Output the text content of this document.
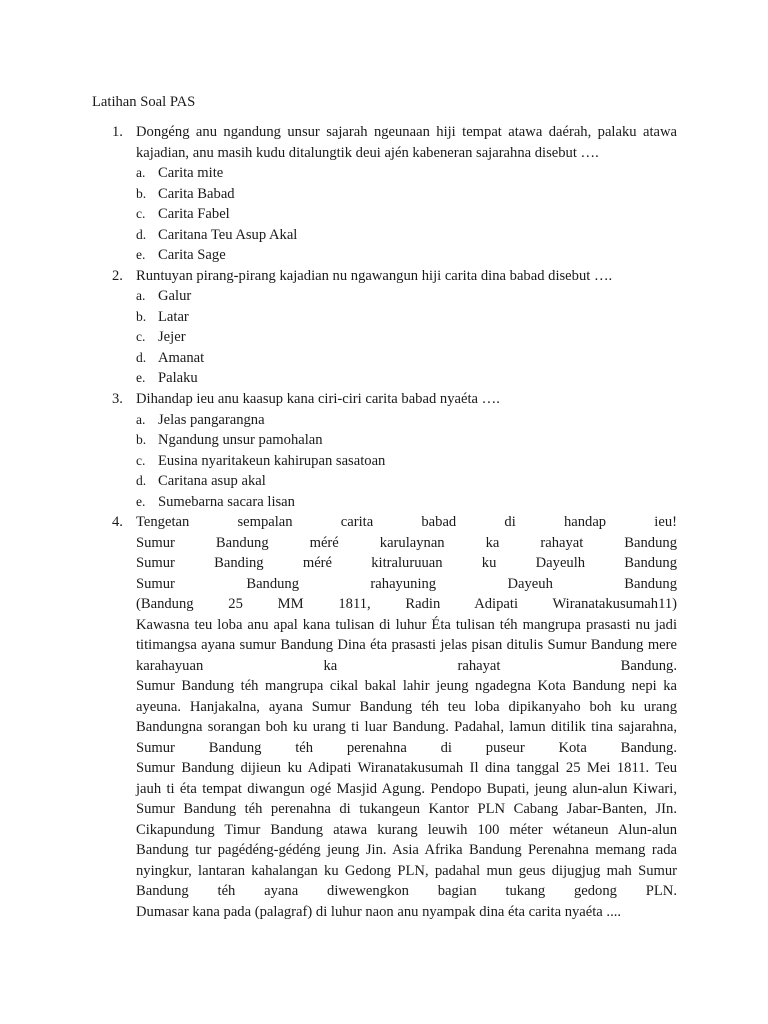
Latihan Soal PAS
1. Dongéng anu ngandung unsur sajarah ngeunaan hiji tempat atawa daérah, palaku atawa
kajadian, anu masih kudu ditalungtik deui ajén kabeneran sajarahna disebut ….
a. Carita mite
b. Carita Babad
c. Carita Fabel
d. Caritana Teu Asup Akal
e. Carita Sage
2. Runtuyan pirang-pirang kajadian nu ngawangun hiji carita dina babad disebut ….
a. Galur
b. Latar
c. Jejer
d. Amanat
e. Palaku
3. Dihandap ieu anu kaasup kana ciri-ciri carita babad nyaéta ….
a. Jelas pangarangna
b. Ngandung unsur pamohalan
c. Eusina nyaritakeun kahirupan sasatoan
d. Caritana asup akal
e. Sumebarna sacara lisan
4. Tengetan sempalan carita babad di handap ieu!
Sumur Bandung méré karulaynan ka rahayat Bandung
Sumur Banding méré kitraluruuan ku Dayeulh Bandung
Sumur Bandung rahayuning Dayeuh Bandung
(Bandung 25 MM 1811, Radin Adipati Wiranatakusumah11)
Kawasna teu loba anu apal kana tulisan di luhur Éta tulisan téh mangrupa prasasti nu jadi
titimangsa ayana sumur Bandung Dina éta prasasti jelas pisan ditulis Sumur Bandung mere
karahayuan ka rahayat Bandung.
Sumur Bandung téh mangrupa cikal bakal lahir jeung ngadegna Kota Bandung nepi ka
ayeuna. Hanjakalna, ayana Sumur Bandung téh teu loba dipikanyaho boh ku urang
Bandungna sorangan boh ku urang ti luar Bandung. Padahal, lamun ditilik tina sajarahna,
Sumur Bandung téh perenahna di puseur Kota Bandung.
Sumur Bandung dijieun ku Adipati Wiranatakusumah Il dina tanggal 25 Mei 1811. Teu
jauh ti éta tempat diwangun ogé Masjid Agung. Pendopo Bupati, jeung alun-alun Kiwari,
Sumur Bandung téh perenahna di tukangeun Kantor PLN Cabang Jabar-Banten, JIn.
Cikapundung Timur Bandung atawa kurang leuwih 100 méter wétaneun Alun-alun
Bandung tur pagédéng-gédéng jeung Jin. Asia Afrika Bandung Perenahna memang rada
nyingkur, lantaran kahalangan ku Gedong PLN, padahal mun geus dijugjug mah Sumur
Bandung téh ayana diwewengkon bagian tukang gedong PLN.
Dumasar kana pada (palagraf) di luhur naon anu nyampak dina éta carita nyaéta ....
